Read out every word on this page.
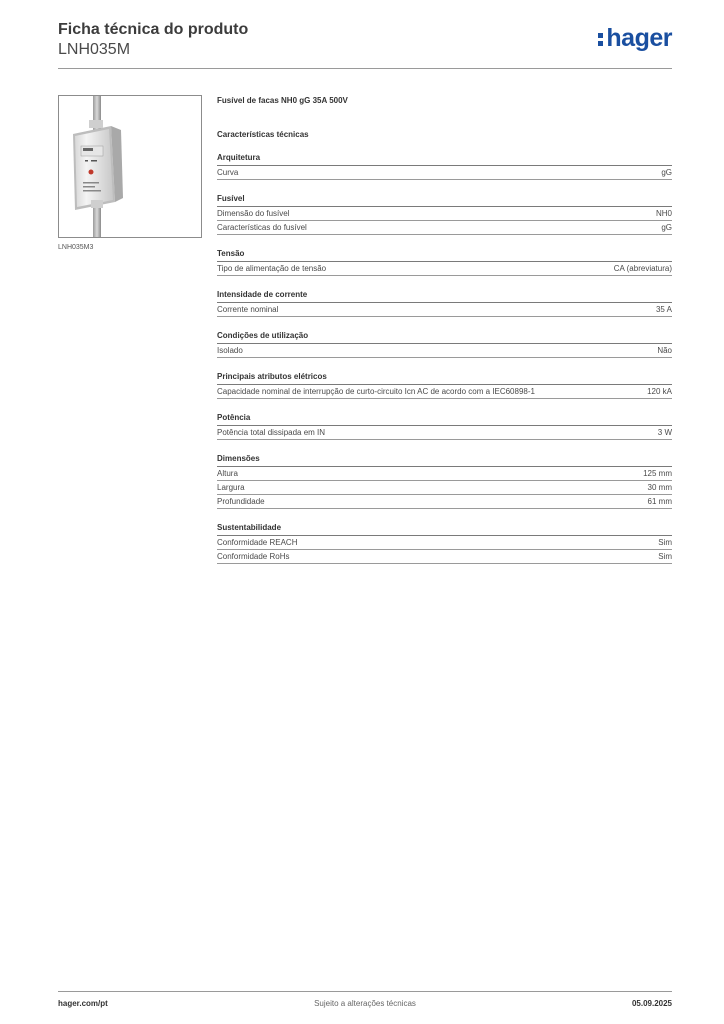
Ficha técnica do produto
LNH035M	hager
LNH035M3
Fusível de facas NH0 gG 35A 500V
Características técnicas
Arquitetura
Curva	gG
Fusível
Dimensão do fusível	NH0
Características do fusível	gG
Tensão
Tipo de alimentação de tensão	CA (abreviatura)
Intensidade de corrente
Corrente nominal	35 A
Condições de utilização
Isolado	Não
Principais atributos elétricos
Capacidade nominal de interrupção de curto-circuito Icn AC de acordo com a IEC60898-1	120 kA
Potência
Potência total dissipada em IN	3 W
Dimensões
Altura	125 mm
Largura	30 mm
Profundidade	61 mm
Sustentabilidade
Conformidade REACH	Sim
Conformidade RoHs	Sim
hager.com/pt	Sujeito a alterações técnicas	05.09.2025
